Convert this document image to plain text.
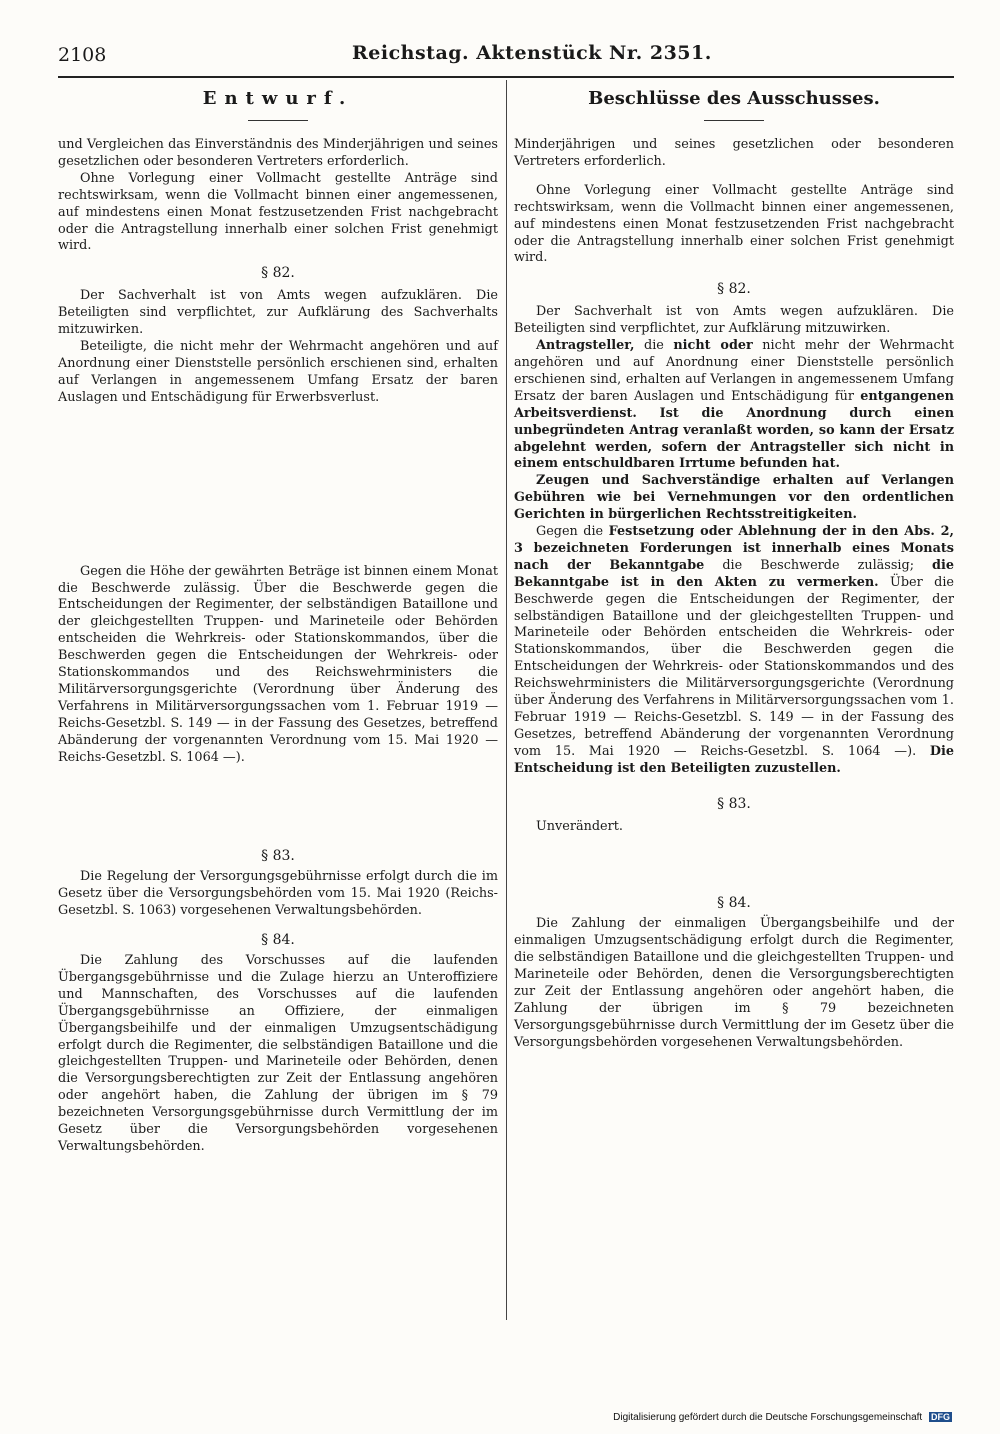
2108	Reichstag. Aktenstück Nr. 2351.
Entwurf.

und Vergleichen das Einverständnis des Minderjährigen und seines gesetzlichen oder besonderen Vertreters erforderlich.

Ohne Vorlegung einer Vollmacht gestellte Anträge sind rechtswirksam, wenn die Vollmacht binnen einer angemessenen, auf mindestens einen Monat festzusetzenden Frist nachgebracht oder die Antragstellung innerhalb einer solchen Frist genehmigt wird.

§ 82.

Der Sachverhalt ist von Amts wegen aufzuklären. Die Beteiligten sind verpflichtet, zur Aufklärung des Sachverhalts mitzuwirken.

Beteiligte, die nicht mehr der Wehrmacht angehören und auf Anordnung einer Dienststelle persönlich erschienen sind, erhalten auf Verlangen in angemessenem Umfang Ersatz der baren Auslagen und Entschädigung für Erwerbsverlust.

Gegen die Höhe der gewährten Beträge ist binnen einem Monat die Beschwerde zulässig. Über die Beschwerde gegen die Entscheidungen der Regimenter, der selbständigen Bataillone und der gleichgestellten Truppen- und Marineteile oder Behörden entscheiden die Wehrkreis- oder Stationskommandos, über die Beschwerden gegen die Entscheidungen der Wehrkreis- oder Stationskommandos und des Reichswehrministers die Militärversorgungsgerichte (Verordnung über Änderung des Verfahrens in Militärversorgungssachen vom 1. Februar 1919 — Reichs-Gesetzbl. S. 149 — in der Fassung des Gesetzes, betreffend Abänderung der vorgenannten Verordnung vom 15. Mai 1920 — Reichs-Gesetzbl. S. 1064 —).

§ 83.

Die Regelung der Versorgungsgebührnisse erfolgt durch die im Gesetz über die Versorgungsbehörden vom 15. Mai 1920 (Reichs-Gesetzbl. S. 1063) vorgesehenen Verwaltungsbehörden.

§ 84.

Die Zahlung des Vorschusses auf die laufenden Übergangsgebührnisse und die Zulage hierzu an Unteroffiziere und Mannschaften, des Vorschusses auf die laufenden Übergangsgebührnisse an Offiziere, der einmaligen Übergangsbeihilfe und der einmaligen Umzugsentschädigung erfolgt durch die Regimenter, die selbständigen Bataillone und die gleichgestellten Truppen- und Marineteile oder Behörden, denen die Versorgungsberechtigten zur Zeit der Entlassung angehören oder angehört haben, die Zahlung der übrigen im § 79 bezeichneten Versorgungsgebührnisse durch Vermittlung der im Gesetz über die Versorgungsbehörden vorgesehenen Verwaltungsbehörden.

Beschlüsse des Ausschusses.

Minderjährigen und seines gesetzlichen oder besonderen Vertreters erforderlich.

Ohne Vorlegung einer Vollmacht gestellte Anträge sind rechtswirksam, wenn die Vollmacht binnen einer angemessenen, auf mindestens einen Monat festzusetzenden Frist nachgebracht oder die Antragstellung innerhalb einer solchen Frist genehmigt wird.

§ 82.

Der Sachverhalt ist von Amts wegen aufzuklären. Die Beteiligten sind verpflichtet, zur Aufklärung mitzuwirken.

Antragsteller, die nicht oder nicht mehr der Wehrmacht angehören und auf Anordnung einer Dienststelle persönlich erschienen sind, erhalten auf Verlangen in angemessenem Umfang Ersatz der baren Auslagen und Entschädigung für entgangenen Arbeitsverdienst. Ist die Anordnung durch einen unbegründeten Antrag veranlaßt worden, so kann der Ersatz abgelehnt werden, sofern der Antragsteller sich nicht in einem entschuldbaren Irrtume befunden hat.

Zeugen und Sachverständige erhalten auf Verlangen Gebühren wie bei Vernehmungen vor den ordentlichen Gerichten in bürgerlichen Rechtsstreitigkeiten.

Gegen die Festsetzung oder Ablehnung der in den Abs. 2, 3 bezeichneten Forderungen ist innerhalb eines Monats nach der Bekanntgabe die Beschwerde zulässig; die Bekanntgabe ist in den Akten zu vermerken. Über die Beschwerde gegen die Entscheidungen der Regimenter, der selbständigen Bataillone und der gleichgestellten Truppen- und Marineteile oder Behörden entscheiden die Wehrkreis- oder Stationskommandos, über die Beschwerden gegen die Entscheidungen der Wehrkreis- oder Stationskommandos und des Reichswehrministers die Militärversorgungsgerichte (Verordnung über Änderung des Verfahrens in Militärversorgungssachen vom 1. Februar 1919 — Reichs-Gesetzbl. S. 149 — in der Fassung des Gesetzes, betreffend Abänderung der vorgenannten Verordnung vom 15. Mai 1920 — Reichs-Gesetzbl. S. 1064 —). Die Entscheidung ist den Beteiligten zuzustellen.

§ 83.

Unverändert.

§ 84.

Die Zahlung der einmaligen Übergangsbeihilfe und der einmaligen Umzugsentschädigung erfolgt durch die Regimenter, die selbständigen Bataillone und die gleichgestellten Truppen- und Marineteile oder Behörden, denen die Versorgungsberechtigten zur Zeit der Entlassung angehören oder angehört haben, die Zahlung der übrigen im § 79 bezeichneten Versorgungsgebührnisse durch Vermittlung der im Gesetz über die Versorgungsbehörden vorgesehenen Verwaltungsbehörden.

Digitalisierung gefördert durch die Deutsche Forschungsgemeinschaft DFG
